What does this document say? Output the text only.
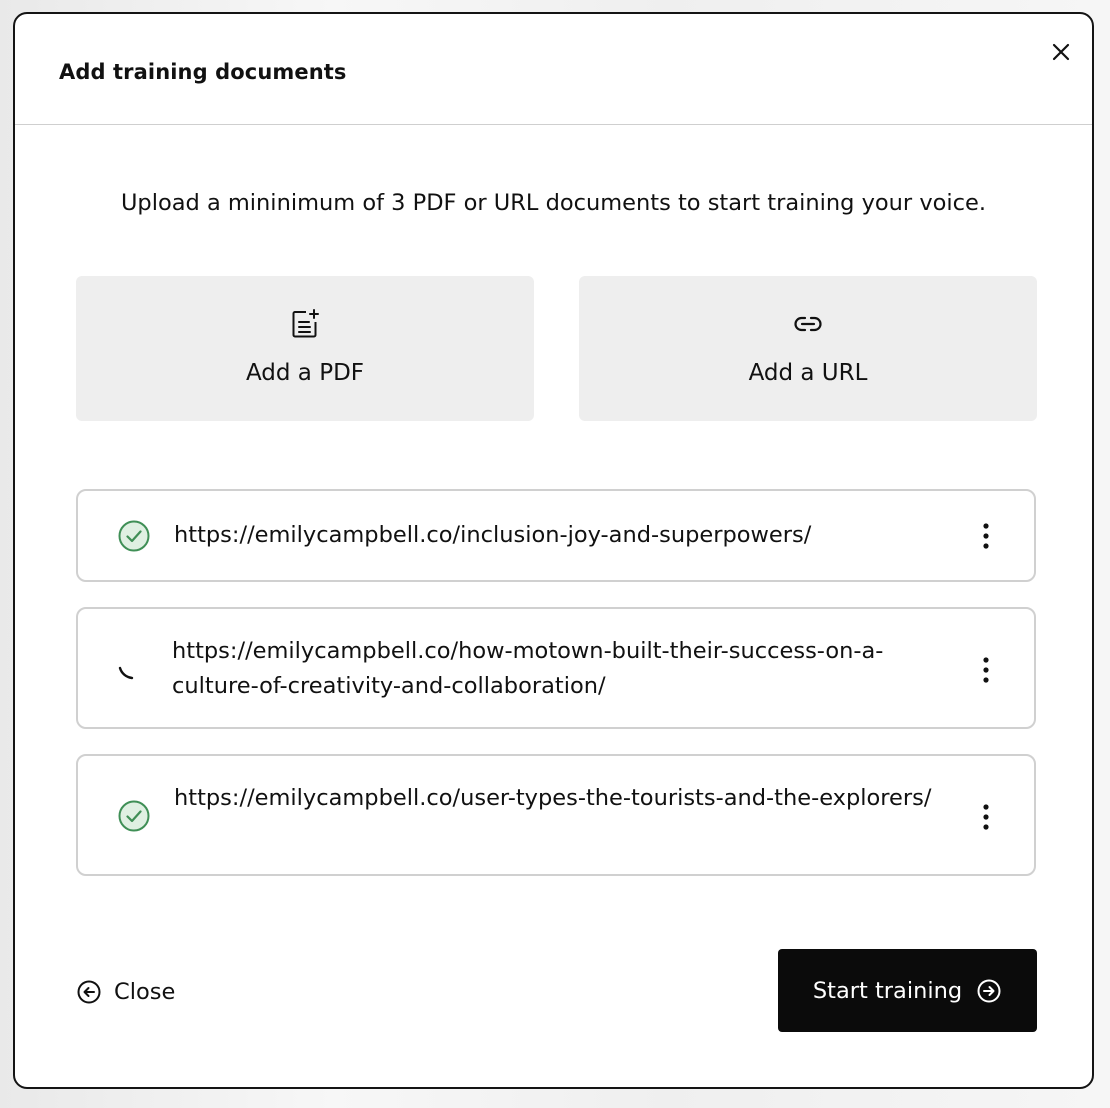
Add training documents
Upload a mininimum of 3 PDF or URL documents to start training your voice.
Add a PDF	Add a URL
https://emilycampbell.co/inclusion-joy-and-superpowers/
https://emilycampbell.co/how-motown-built-their-success-on-a-culture-of-creativity-and-collaboration/
https://emilycampbell.co/user-types-the-tourists-and-the-explorers/
Close	Start training
